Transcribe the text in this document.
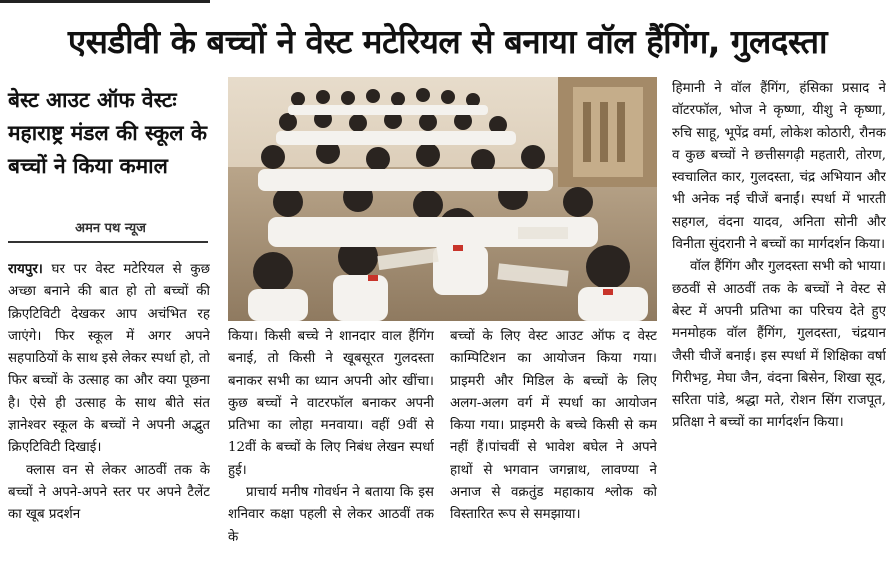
एसडीवी के बच्चों ने वेस्ट मटेरियल से बनाया वॉल हैंगिंग, गुलदस्ता
बेस्ट आउट ऑफ वेस्टः महाराष्ट्र मंडल की स्कूल के बच्चों ने किया कमाल
अमन पथ न्यूज

रायपुर। घर पर वेस्ट मटेरियल से कुछ अच्छा बनाने की बात हो तो बच्चों की क्रिएटिविटी देखकर आप अचंभित रह जाएंगे। फिर स्कूल में अगर अपने सहपाठियों के साथ इसे लेकर स्पर्धा हो, तो फिर बच्चों के उत्साह का और क्या पूछना है। ऐसे ही उत्साह के साथ बीते संत ज्ञानेश्वर स्कूल के बच्चों ने अपनी अद्भुत क्रिएटिविटी दिखाई।

क्लास वन से लेकर आठवीं तक के बच्चों ने अपने-अपने स्तर पर अपने टैलेंट का खूब प्रदर्शन

किया। किसी बच्चे ने शानदार वाल हैंगिंग बनाई, तो किसी ने खूबसूरत गुलदस्ता बनाकर सभी का ध्यान अपनी ओर खींचा। कुछ बच्चों ने वाटरफॉल बनाकर अपनी प्रतिभा का लोहा मनवाया। वहीं 9वीं से 12वीं के बच्चों के लिए निबंध लेखन स्पर्धा हुई।

प्राचार्य मनीष गोवर्धन ने बताया कि इस शनिवार कक्षा पहली से लेकर आठवीं तक के

बच्चों के लिए वेस्ट आउट ऑफ द वेस्ट काम्पिटिशन का आयोजन किया गया। प्राइमरी और मिडिल के बच्चों के लिए अलग-अलग वर्ग में स्पर्धा का आयोजन किया गया। प्राइमरी के बच्चे किसी से कम नहीं हैं।पांचवीं से भावेश बघेल ने अपने हाथों से भगवान जगन्नाथ, लावण्या ने अनाज से वक्रतुंड महाकाय श्लोक को विस्तारित रूप से समझाया।

हिमानी ने वॉल हैंगिंग, हंसिका प्रसाद ने वॉटरफॉल, भोज ने कृष्णा, यीशु ने कृष्णा, रुचि साहू, भूपेंद्र वर्मा, लोकेश कोठारी, रौनक व कुछ बच्चों ने छत्तीसगढ़ी महतारी, तोरण, स्वचालित कार, गुलदस्ता, चंद्र अभियान और भी अनेक नई चीजें बनाईं। स्पर्धा में भारती सहगल, वंदना यादव, अनिता सोनी और विनीता सुंदरानी ने बच्चों का मार्गदर्शन किया।

वॉल हैंगिंग और गुलदस्ता सभी को भाया। छठवीं से आठवीं तक के बच्चों ने वेस्ट से बेस्ट में अपनी प्रतिभा का परिचय देते हुए मनमोहक वॉल हैंगिंग, गुलदस्ता, चंद्रयान जैसी चीजें बनाई। इस स्पर्धा में शिक्षिका वर्षा गिरीभट्ट, मेघा जैन, वंदना बिसेन, शिखा सूद, सरिता पांडे, श्रद्धा मते, रोशन सिंग राजपूत, प्रतिक्षा ने बच्चों का मार्गदर्शन किया।
